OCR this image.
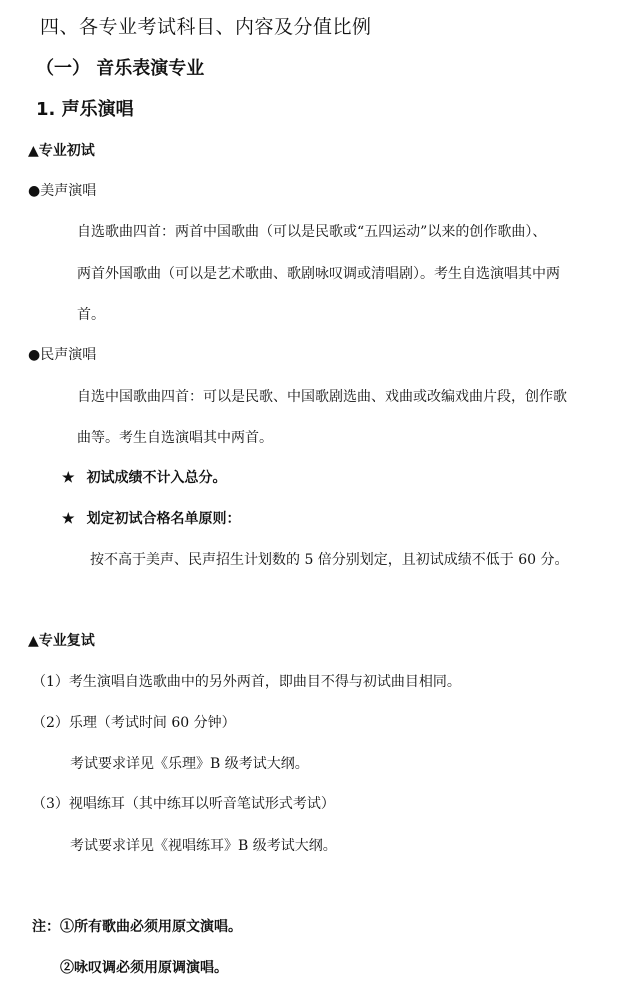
四、各专业考试科目、内容及分值比例
（一） 音乐表演专业
1. 声乐演唱
▲专业初试
●美声演唱
自选歌曲四首：两首中国歌曲（可以是民歌或“五四运动”以来的创作歌曲）、
两首外国歌曲（可以是艺术歌曲、歌剧咏叹调或清唱剧）。考生自选演唱其中两
首。
●民声演唱
自选中国歌曲四首：可以是民歌、中国歌剧选曲、戏曲或改编戏曲片段，创作歌
曲等。考生自选演唱其中两首。
★ 初试成绩不计入总分。
★ 划定初试合格名单原则：
按不高于美声、民声招生计划数的 5 倍分别划定，且初试成绩不低于 60 分。
▲专业复试
（1）考生演唱自选歌曲中的另外两首，即曲目不得与初试曲目相同。
（2）乐理（考试时间 60 分钟）
考试要求详见《乐理》B 级考试大纲。
（3）视唱练耳（其中练耳以听音笔试形式考试）
考试要求详见《视唱练耳》B 级考试大纲。
注：①所有歌曲必须用原文演唱。
②咏叹调必须用原调演唱。
